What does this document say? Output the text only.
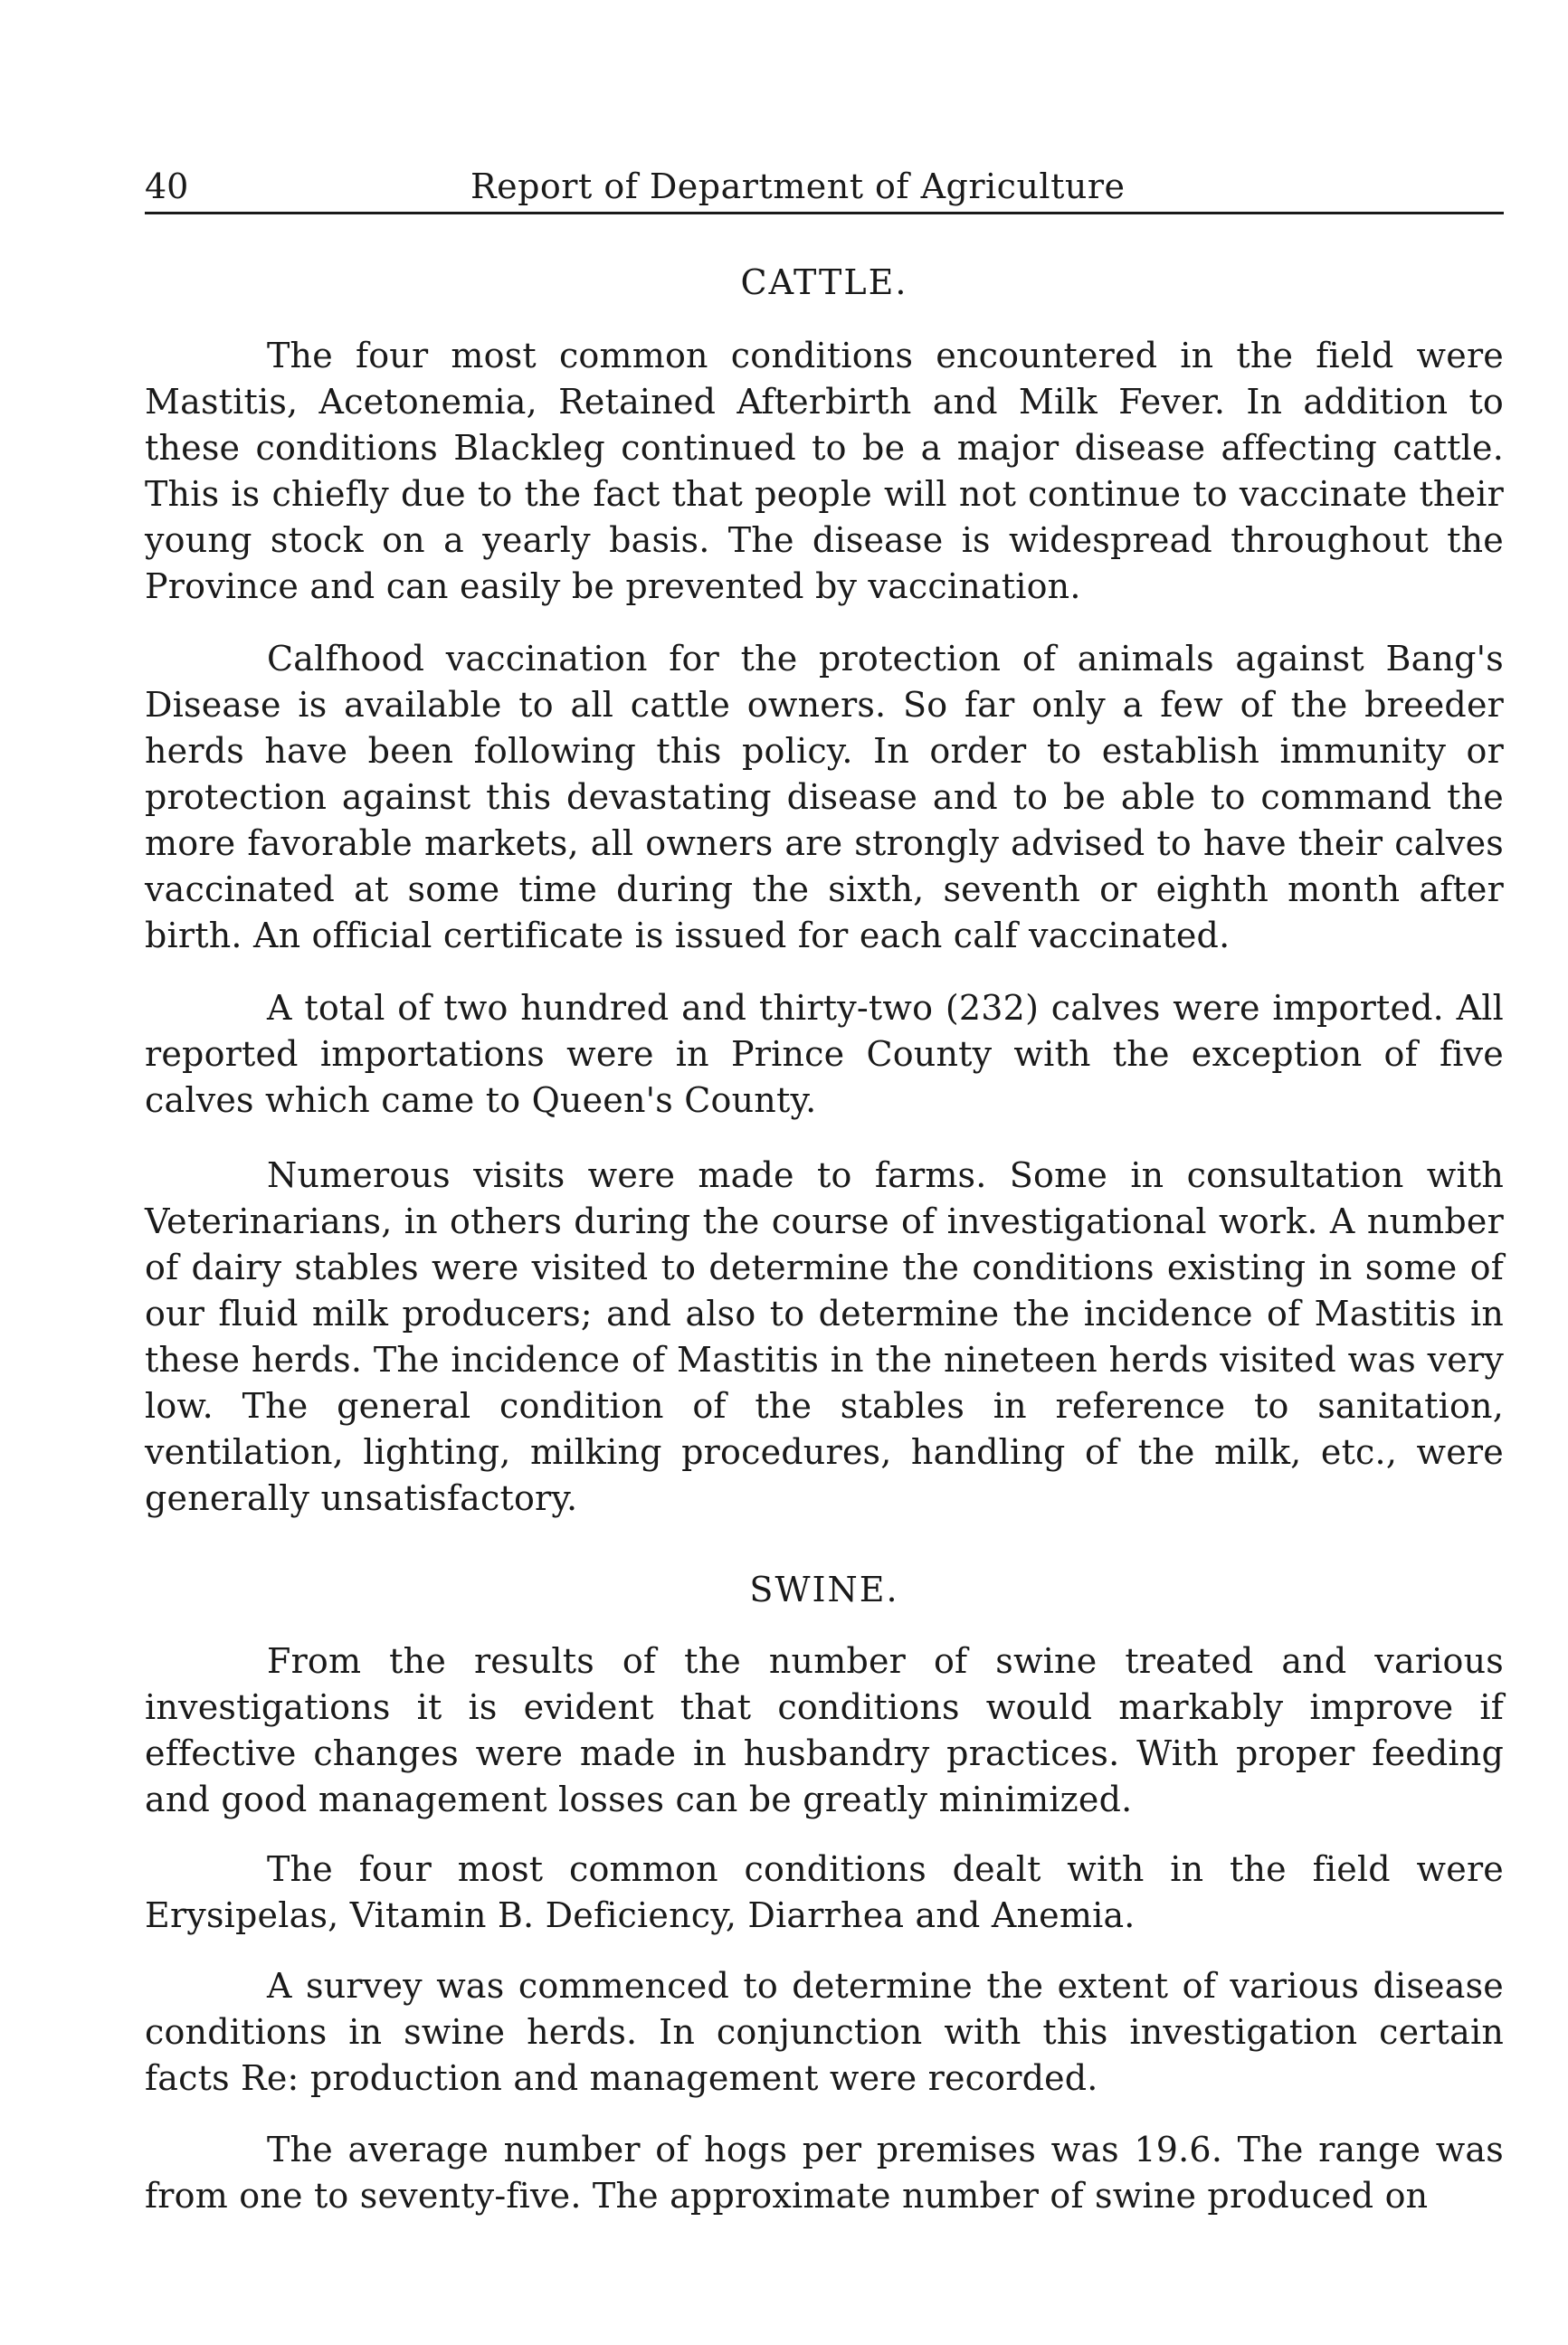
40	Report of Department of Agriculture
CATTLE.

The four most common conditions encountered in the field were Mastitis, Acetonemia, Retained Afterbirth and Milk Fever. In addition to these conditions Blackleg continued to be a major disease affecting cattle. This is chiefly due to the fact that people will not continue to vaccinate their young stock on a yearly basis. The disease is widespread throughout the Province and can easily be prevented by vaccination.

Calfhood vaccination for the protection of animals against Bang's Disease is available to all cattle owners. So far only a few of the breeder herds have been following this policy. In order to establish immunity or protection against this devastating disease and to be able to command the more favorable markets, all owners are strongly advised to have their calves vaccinated at some time during the sixth, seventh or eighth month after birth. An official certificate is issued for each calf vaccinated.

A total of two hundred and thirty-two (232) calves were imported. All reported importations were in Prince County with the exception of five calves which came to Queen's County.

Numerous visits were made to farms. Some in consultation with Veterinarians, in others during the course of investigational work. A number of dairy stables were visited to determine the conditions existing in some of our fluid milk producers; and also to determine the incidence of Mastitis in these herds. The incidence of Mastitis in the nineteen herds visited was very low. The general condition of the stables in reference to sanitation, ventilation, lighting, milking procedures, handling of the milk, etc., were generally unsatisfactory.

SWINE.

From the results of the number of swine treated and various investigations it is evident that conditions would markably improve if effective changes were made in husbandry practices. With proper feeding and good management losses can be greatly minimized.

The four most common conditions dealt with in the field were Erysipelas, Vitamin B. Deficiency, Diarrhea and Anemia.

A survey was commenced to determine the extent of various disease conditions in swine herds. In conjunction with this investigation certain facts Re: production and management were recorded.

The average number of hogs per premises was 19.6. The range was from one to seventy-five. The approximate number of swine produced on
